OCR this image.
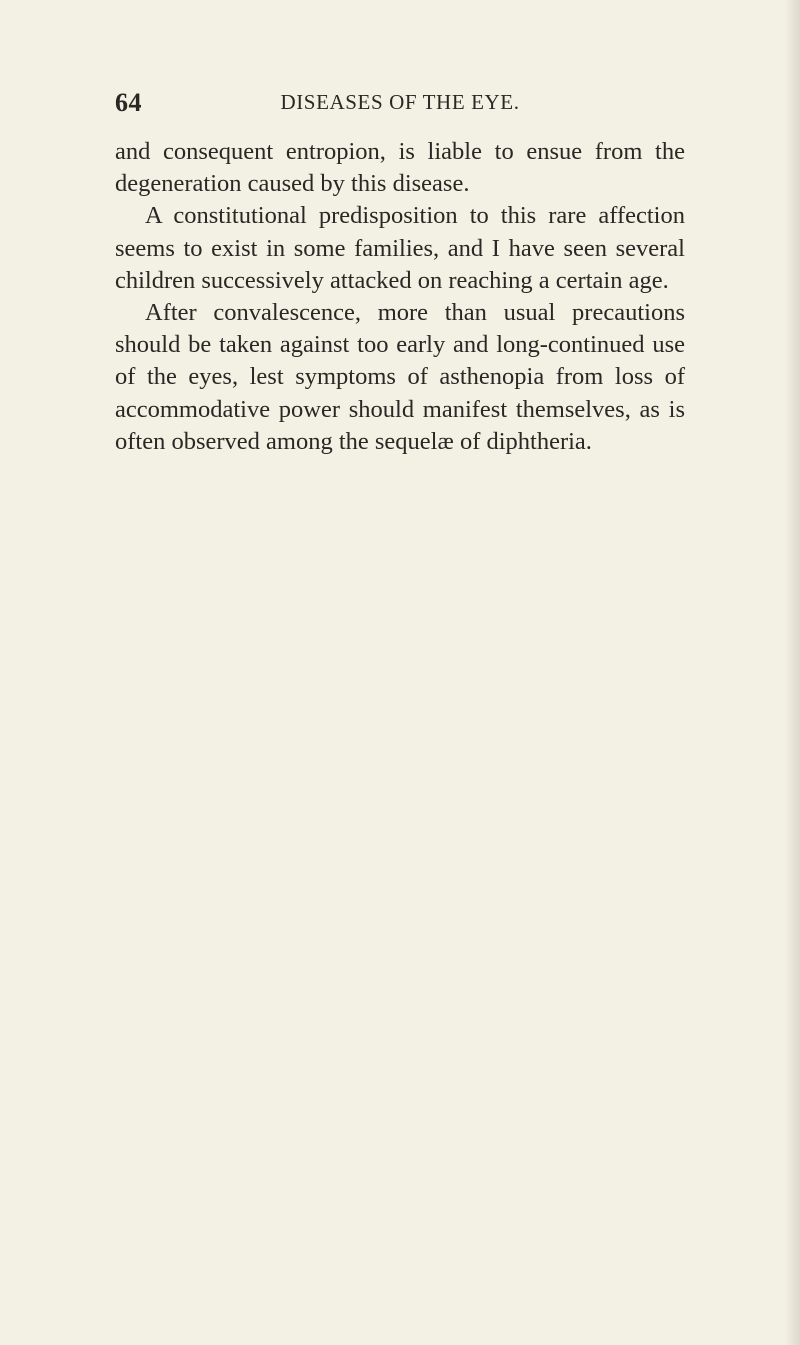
64	DISEASES OF THE EYE.

and consequent entropion, is liable to ensue from the degeneration caused by this disease.

A constitutional predisposition to this rare affection seems to exist in some families, and I have seen several children successively attacked on reaching a certain age.

After convalescence, more than usual precautions should be taken against too early and long-continued use of the eyes, lest symptoms of asthenopia from loss of accommodative power should manifest themselves, as is often observed among the sequelæ of diphtheria.
